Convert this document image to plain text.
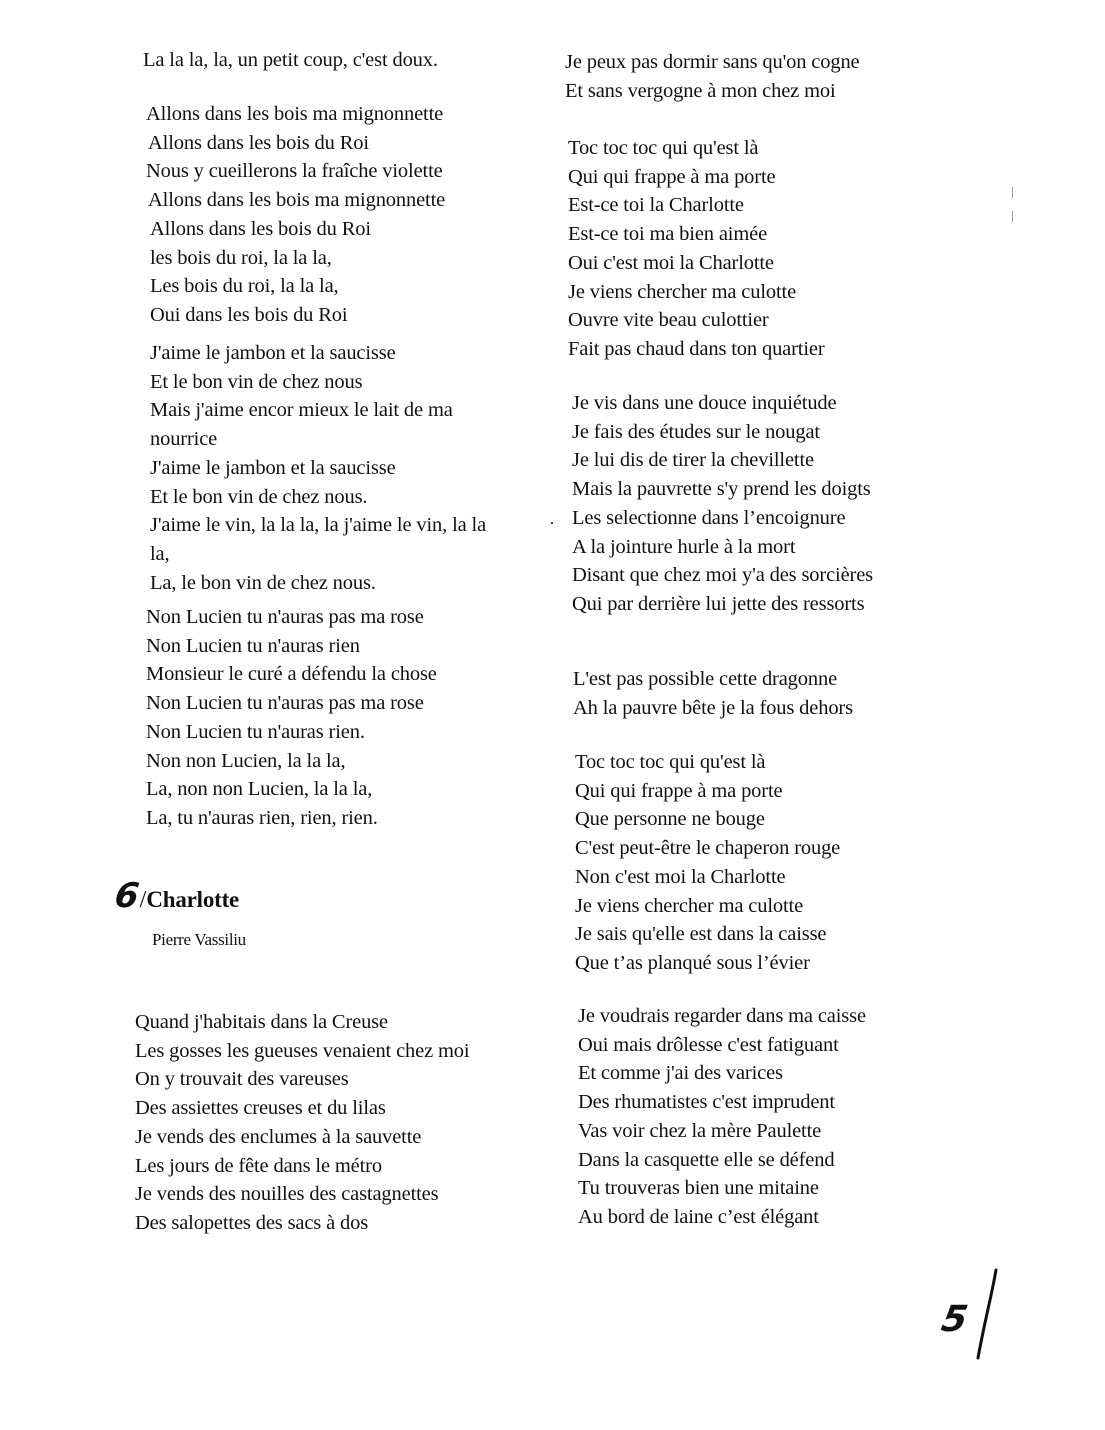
La la la, la, un petit coup, c'est doux.
Allons dans les bois ma mignonnette
Allons dans les bois du Roi
Nous y cueillerons la fraîche violette
Allons dans les bois ma mignonnette
Allons dans les bois du Roi
les bois du roi, la la la,
Les bois du roi, la la la,
Oui dans les bois du Roi
J'aime le jambon et la saucisse
Et le bon vin de chez nous
Mais j'aime encor mieux le lait de ma
nourrice
J'aime le jambon et la saucisse
Et le bon vin de chez nous.
J'aime le vin, la la la, la j'aime le vin, la la
la,
La, le bon vin de chez nous.
Non Lucien tu n'auras pas ma rose
Non Lucien tu n'auras rien
Monsieur le curé a défendu la chose
Non Lucien tu n'auras pas ma rose
Non Lucien tu n'auras rien.
Non non Lucien, la la la,
La, non non Lucien, la la la,
La, tu n'auras rien, rien, rien.
Quand j'habitais dans la Creuse
Les gosses les gueuses venaient chez moi
On y trouvait des vareuses
Des assiettes creuses et du lilas
Je vends des enclumes à la sauvette
Les jours de fête dans le métro
Je vends des nouilles des castagnettes
Des salopettes des sacs à dos
Je peux pas dormir sans qu'on cogne
Et sans vergogne à mon chez moi
Toc toc toc qui qu'est là
Qui qui frappe à ma porte
Est-ce toi la Charlotte
Est-ce toi ma bien aimée
Oui c'est moi la Charlotte
Je viens chercher ma culotte
Ouvre vite beau culottier
Fait pas chaud dans ton quartier
Je vis dans une douce inquiétude
Je fais des études sur le nougat
Je lui dis de tirer la chevillette
Mais la pauvrette s'y prend les doigts
Les selectionne dans l’encoignure
A la jointure hurle à la mort
Disant que chez moi y'a des sorcières
Qui par derrière lui jette des ressorts
L'est pas possible cette dragonne
Ah la pauvre bête je la fous dehors
Toc toc toc qui qu'est là
Qui qui frappe à ma porte
Que personne ne bouge
C'est peut-être le chaperon rouge
Non c'est moi la Charlotte
Je viens chercher ma culotte
Je sais qu'elle est dans la caisse
Que t’as planqué sous l’évier
Je voudrais regarder dans ma caisse
Oui mais drôlesse c'est fatiguant
Et comme j'ai des varices
Des rhumatistes c'est imprudent
Vas voir chez la mère Paulette
Dans la casquette elle se défend
Tu trouveras bien une mitaine
Au bord de laine c’est élégant
6/Charlotte
Pierre Vassiliu
·
5
